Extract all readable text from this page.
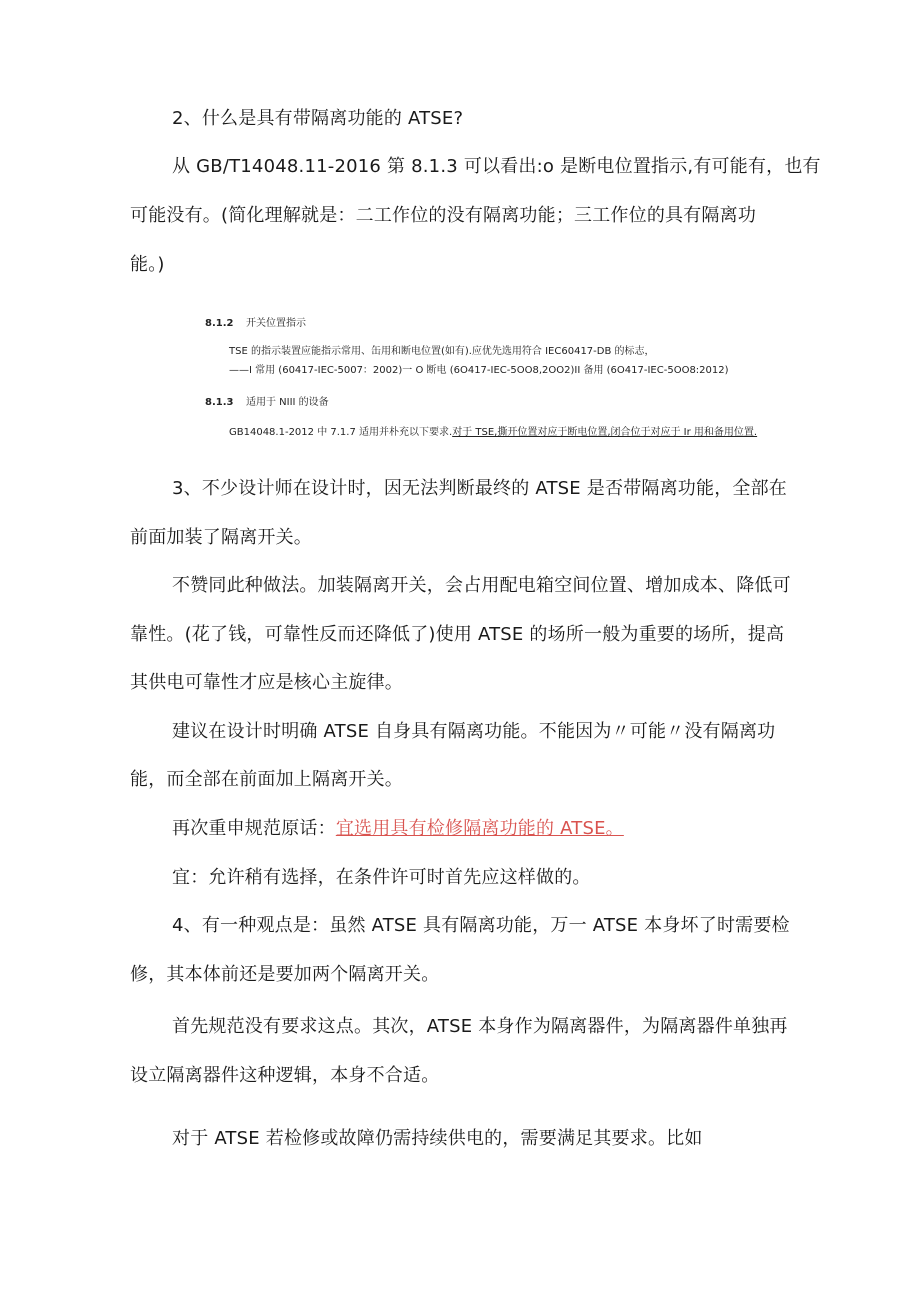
2、什么是具有带隔离功能的 ATSE?
从 GB/T14048.11-2016 第 8.1.3 可以看出:o 是断电位置指示,有可能有，也有
可能没有。(简化理解就是：二工作位的没有隔离功能；三工作位的具有隔离功
能。)
8.1.2 开关位置指示
TSE 的指示装置应能指示常用、缶用和断电位置(如有).应优先选用符合 IEC60417-DB 的标志，
——I 常用 (60417-IEC-5007：2002)一 O 断电 (6O417-IEC-5OO8,2OO2)II 备用 (6O417-IEC-5OO8:2012)
8.1.3 适用于 NIII 的设备
GB14048.1-2012 中 7.1.7 适用并朴充以下要求.对于 TSE,撕开位置对应于断电位置,闭合位于对应于 Ir 用和备用位置.
3、不少设计师在设计时，因无法判断最终的 ATSE 是否带隔离功能，全部在
前面加装了隔离开关。
不赞同此种做法。加装隔离开关，会占用配电箱空间位置、增加成本、降低可
靠性。(花了钱，可靠性反而还降低了)使用 ATSE 的场所一般为重要的场所，提高
其供电可靠性才应是核心主旋律。
建议在设计时明确 ATSE 自身具有隔离功能。不能因为〃可能〃没有隔离功
能，而全部在前面加上隔离开关。
再次重申规范原话：宜选用具有检修隔离功能的 ATSE。
宜：允许稍有选择，在条件许可时首先应这样做的。
4、有一种观点是：虽然 ATSE 具有隔离功能，万一 ATSE 本身坏了时需要检
修，其本体前还是要加两个隔离开关。
首先规范没有要求这点。其次，ATSE 本身作为隔离器件，为隔离器件单独再
设立隔离器件这种逻辑，本身不合适。
对于 ATSE 若检修或故障仍需持续供电的，需要满足其要求。比如
